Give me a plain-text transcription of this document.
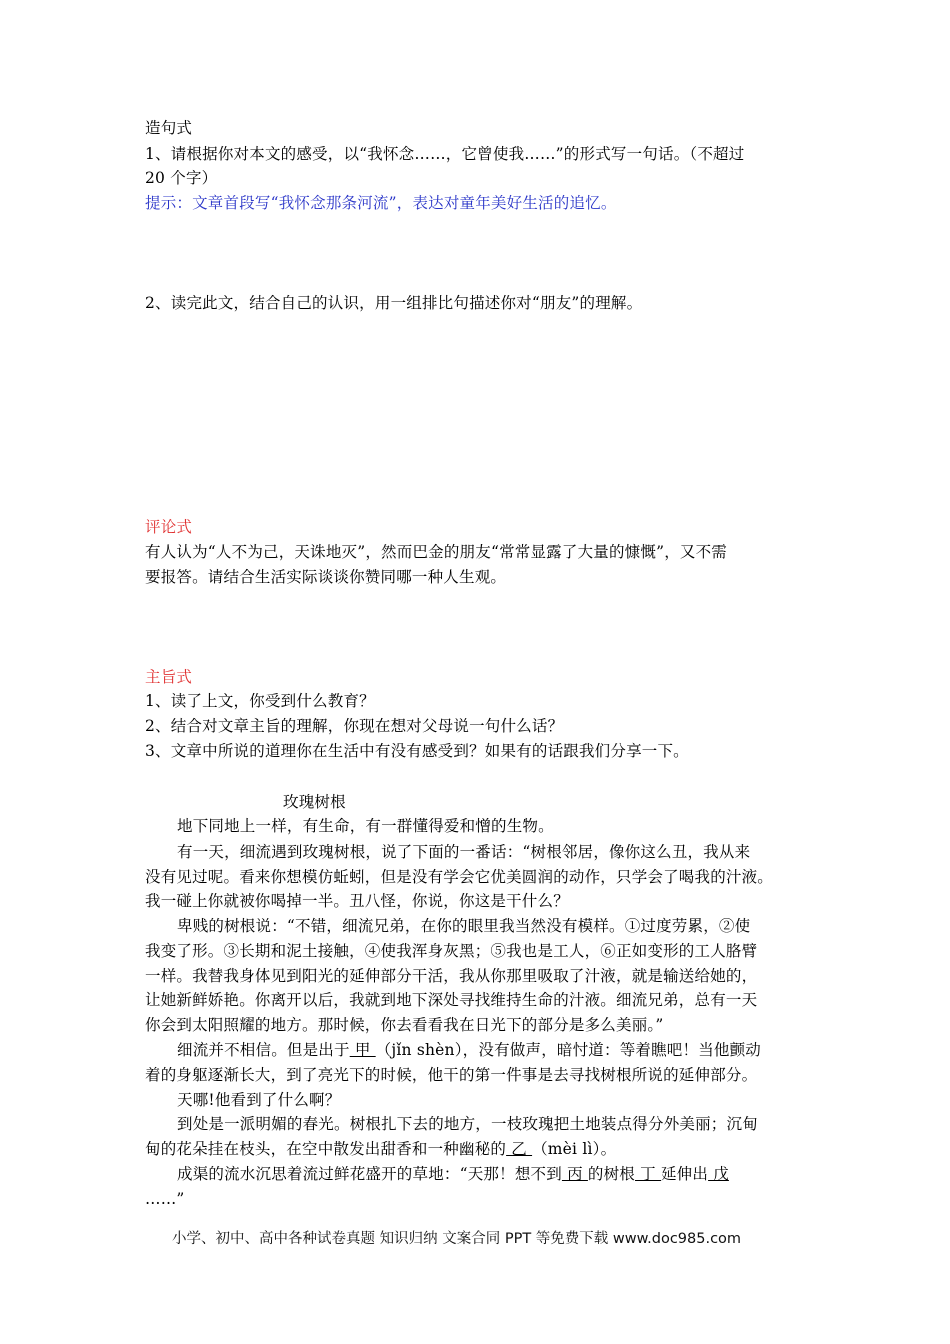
造句式
1、请根据你对本文的感受，以“我怀念……，它曾使我……”的形式写一句话。（不超过
20 个字）
提示：文章首段写“我怀念那条河流”，表达对童年美好生活的追忆。
2、读完此文，结合自己的认识，用一组排比句描述你对“朋友”的理解。
评论式
有人认为“人不为己，天诛地灭”，然而巴金的朋友“常常显露了大量的慷慨”，又不需
要报答。请结合生活实际谈谈你赞同哪一种人生观。
主旨式
1、读了上文，你受到什么教育？
2、结合对文章主旨的理解，你现在想对父母说一句什么话？
3、文章中所说的道理你在生活中有没有感受到？如果有的话跟我们分享一下。
玫瑰树根
地下同地上一样，有生命，有一群懂得爱和憎的生物。
有一天，细流遇到玫瑰树根，说了下面的一番话：“树根邻居，像你这么丑，我从来
没有见过呢。看来你想模仿蚯蚓，但是没有学会它优美圆润的动作，只学会了喝我的汁液。
我一碰上你就被你喝掉一半。丑八怪，你说，你这是干什么？
卑贱的树根说：“不错，细流兄弟，在你的眼里我当然没有模样。①过度劳累，②使
我变了形。③长期和泥土接触，④使我浑身灰黑；⑤我也是工人，⑥正如变形的工人胳臂
一样。我替我身体见到阳光的延伸部分干活，我从你那里吸取了汁液，就是输送给她的，
让她新鲜娇艳。你离开以后，我就到地下深处寻找维持生命的汁液。细流兄弟，总有一天
你会到太阳照耀的地方。那时候，你去看看我在日光下的部分是多么美丽。”
细流并不相信。但是出于 甲 （jǐn shèn），没有做声，暗忖道：等着瞧吧！当他颤动
着的身躯逐渐长大，到了亮光下的时候，他干的第一件事是去寻找树根所说的延伸部分。
天哪!他看到了什么啊？
到处是一派明媚的春光。树根扎下去的地方，一枝玫瑰把土地装点得分外美丽；沉甸
甸的花朵挂在枝头，在空中散发出甜香和一种幽秘的 乙 （mèi lì）。
成渠的流水沉思着流过鲜花盛开的草地：“天那！想不到 丙 的树根 丁 延伸出 戊
……”
小学、初中、高中各种试卷真题 知识归纳 文案合同 PPT 等免费下载 www.doc985.com
